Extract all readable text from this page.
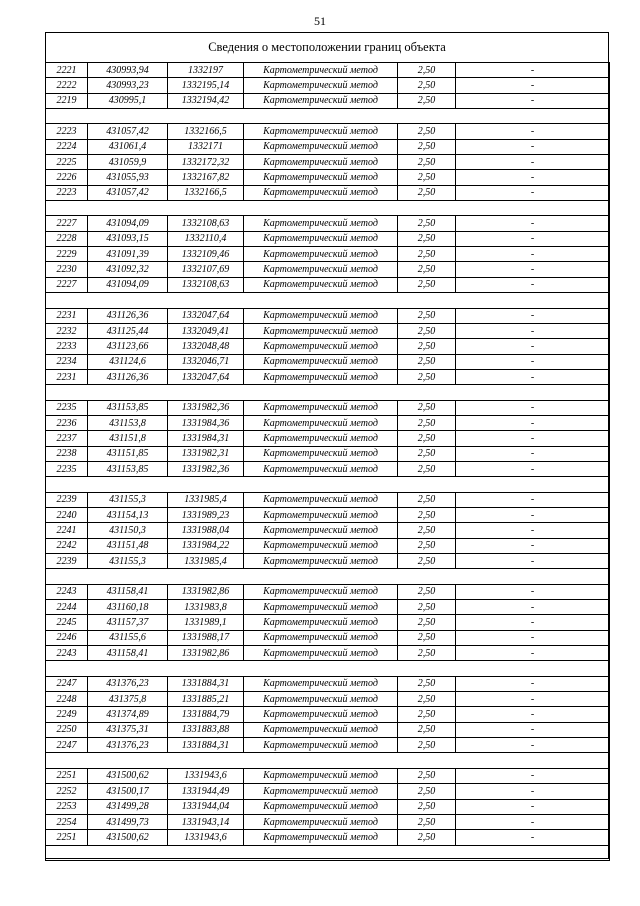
51
Сведения о местоположении границ объекта
2221	430993,94	1332197	Картометрический метод	2,50	-
2222	430993,23	1332195,14	Картометрический метод	2,50	-
2219	430995,1	1332194,42	Картометрический метод	2,50	-

2223	431057,42	1332166,5	Картометрический метод	2,50	-
2224	431061,4	1332171	Картометрический метод	2,50	-
2225	431059,9	1332172,32	Картометрический метод	2,50	-
2226	431055,93	1332167,82	Картометрический метод	2,50	-
2223	431057,42	1332166,5	Картометрический метод	2,50	-

2227	431094,09	1332108,63	Картометрический метод	2,50	-
2228	431093,15	1332110,4	Картометрический метод	2,50	-
2229	431091,39	1332109,46	Картометрический метод	2,50	-
2230	431092,32	1332107,69	Картометрический метод	2,50	-
2227	431094,09	1332108,63	Картометрический метод	2,50	-

2231	431126,36	1332047,64	Картометрический метод	2,50	-
2232	431125,44	1332049,41	Картометрический метод	2,50	-
2233	431123,66	1332048,48	Картометрический метод	2,50	-
2234	431124,6	1332046,71	Картометрический метод	2,50	-
2231	431126,36	1332047,64	Картометрический метод	2,50	-

2235	431153,85	1331982,36	Картометрический метод	2,50	-
2236	431153,8	1331984,36	Картометрический метод	2,50	-
2237	431151,8	1331984,31	Картометрический метод	2,50	-
2238	431151,85	1331982,31	Картометрический метод	2,50	-
2235	431153,85	1331982,36	Картометрический метод	2,50	-

2239	431155,3	1331985,4	Картометрический метод	2,50	-
2240	431154,13	1331989,23	Картометрический метод	2,50	-
2241	431150,3	1331988,04	Картометрический метод	2,50	-
2242	431151,48	1331984,22	Картометрический метод	2,50	-
2239	431155,3	1331985,4	Картометрический метод	2,50	-

2243	431158,41	1331982,86	Картометрический метод	2,50	-
2244	431160,18	1331983,8	Картометрический метод	2,50	-
2245	431157,37	1331989,1	Картометрический метод	2,50	-
2246	431155,6	1331988,17	Картометрический метод	2,50	-
2243	431158,41	1331982,86	Картометрический метод	2,50	-

2247	431376,23	1331884,31	Картометрический метод	2,50	-
2248	431375,8	1331885,21	Картометрический метод	2,50	-
2249	431374,89	1331884,79	Картометрический метод	2,50	-
2250	431375,31	1331883,88	Картометрический метод	2,50	-
2247	431376,23	1331884,31	Картометрический метод	2,50	-

2251	431500,62	1331943,6	Картометрический метод	2,50	-
2252	431500,17	1331944,49	Картометрический метод	2,50	-
2253	431499,28	1331944,04	Картометрический метод	2,50	-
2254	431499,73	1331943,14	Картометрический метод	2,50	-
2251	431500,62	1331943,6	Картометрический метод	2,50	-
